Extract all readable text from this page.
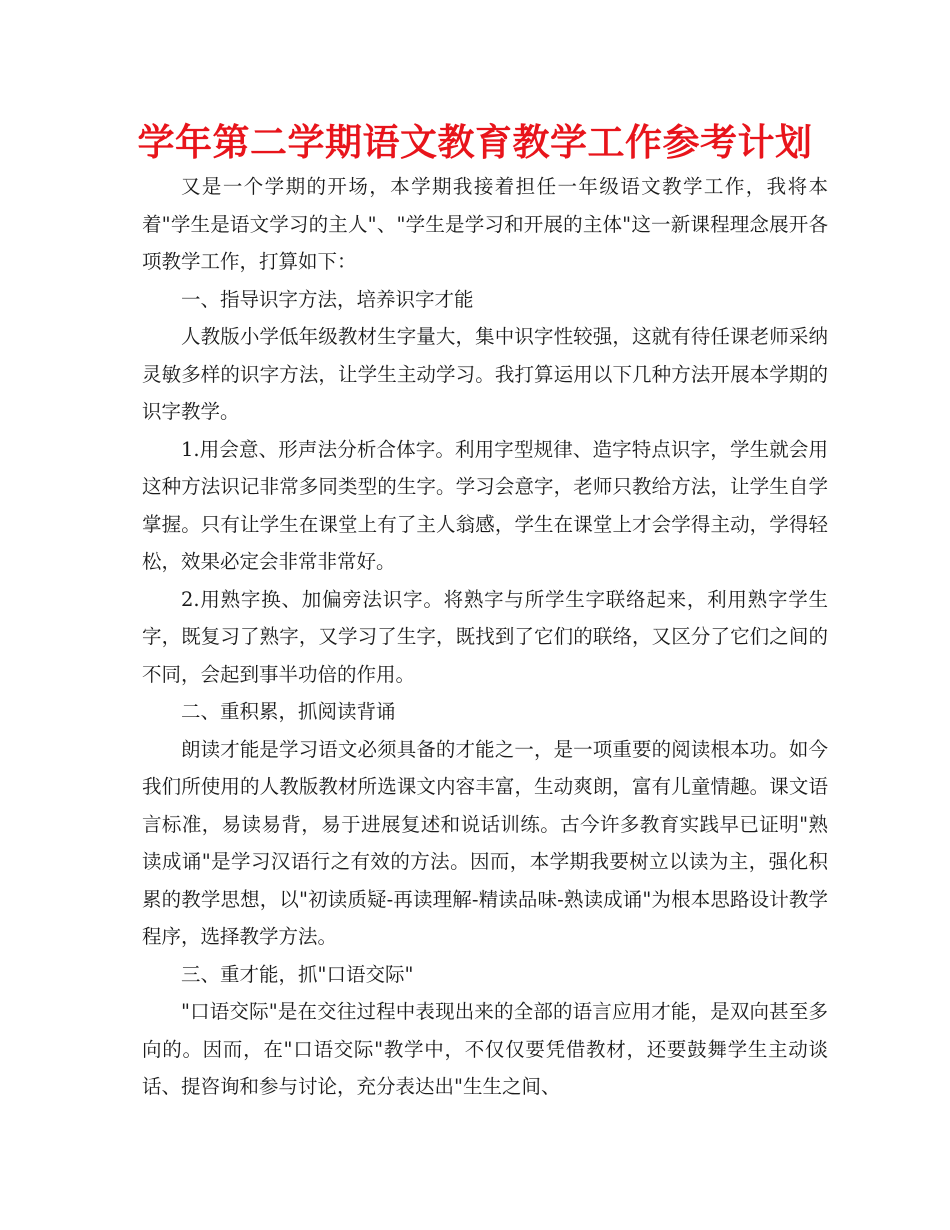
学年第二学期语文教育教学工作参考计划

又是一个学期的开场，本学期我接着担任一年级语文教学工作，我将本着"学生是语文学习的主人"、"学生是学习和开展的主体"这一新课程理念展开各项教学工作，打算如下：

一、指导识字方法，培养识字才能

人教版小学低年级教材生字量大，集中识字性较强，这就有待任课老师采纳灵敏多样的识字方法，让学生主动学习。我打算运用以下几种方法开展本学期的识字教学。

1.用会意、形声法分析合体字。利用字型规律、造字特点识字，学生就会用这种方法识记非常多同类型的生字。学习会意字，老师只教给方法，让学生自学掌握。只有让学生在课堂上有了主人翁感，学生在课堂上才会学得主动，学得轻松，效果必定会非常非常好。

2.用熟字换、加偏旁法识字。将熟字与所学生字联络起来，利用熟字学生字，既复习了熟字，又学习了生字，既找到了它们的联络，又区分了它们之间的不同，会起到事半功倍的作用。

二、重积累，抓阅读背诵

朗读才能是学习语文必须具备的才能之一，是一项重要的阅读根本功。如今我们所使用的人教版教材所选课文内容丰富，生动爽朗，富有儿童情趣。课文语言标准，易读易背，易于进展复述和说话训练。古今许多教育实践早已证明"熟读成诵"是学习汉语行之有效的方法。因而，本学期我要树立以读为主，强化积累的教学思想，以"初读质疑-再读理解-精读品味-熟读成诵"为根本思路设计教学程序，选择教学方法。

三、重才能，抓"口语交际"

"口语交际"是在交往过程中表现出来的全部的语言应用才能，是双向甚至多向的。因而，在"口语交际"教学中，不仅仅要凭借教材，还要鼓舞学生主动谈话、提咨询和参与讨论，充分表达出"生生之间、
